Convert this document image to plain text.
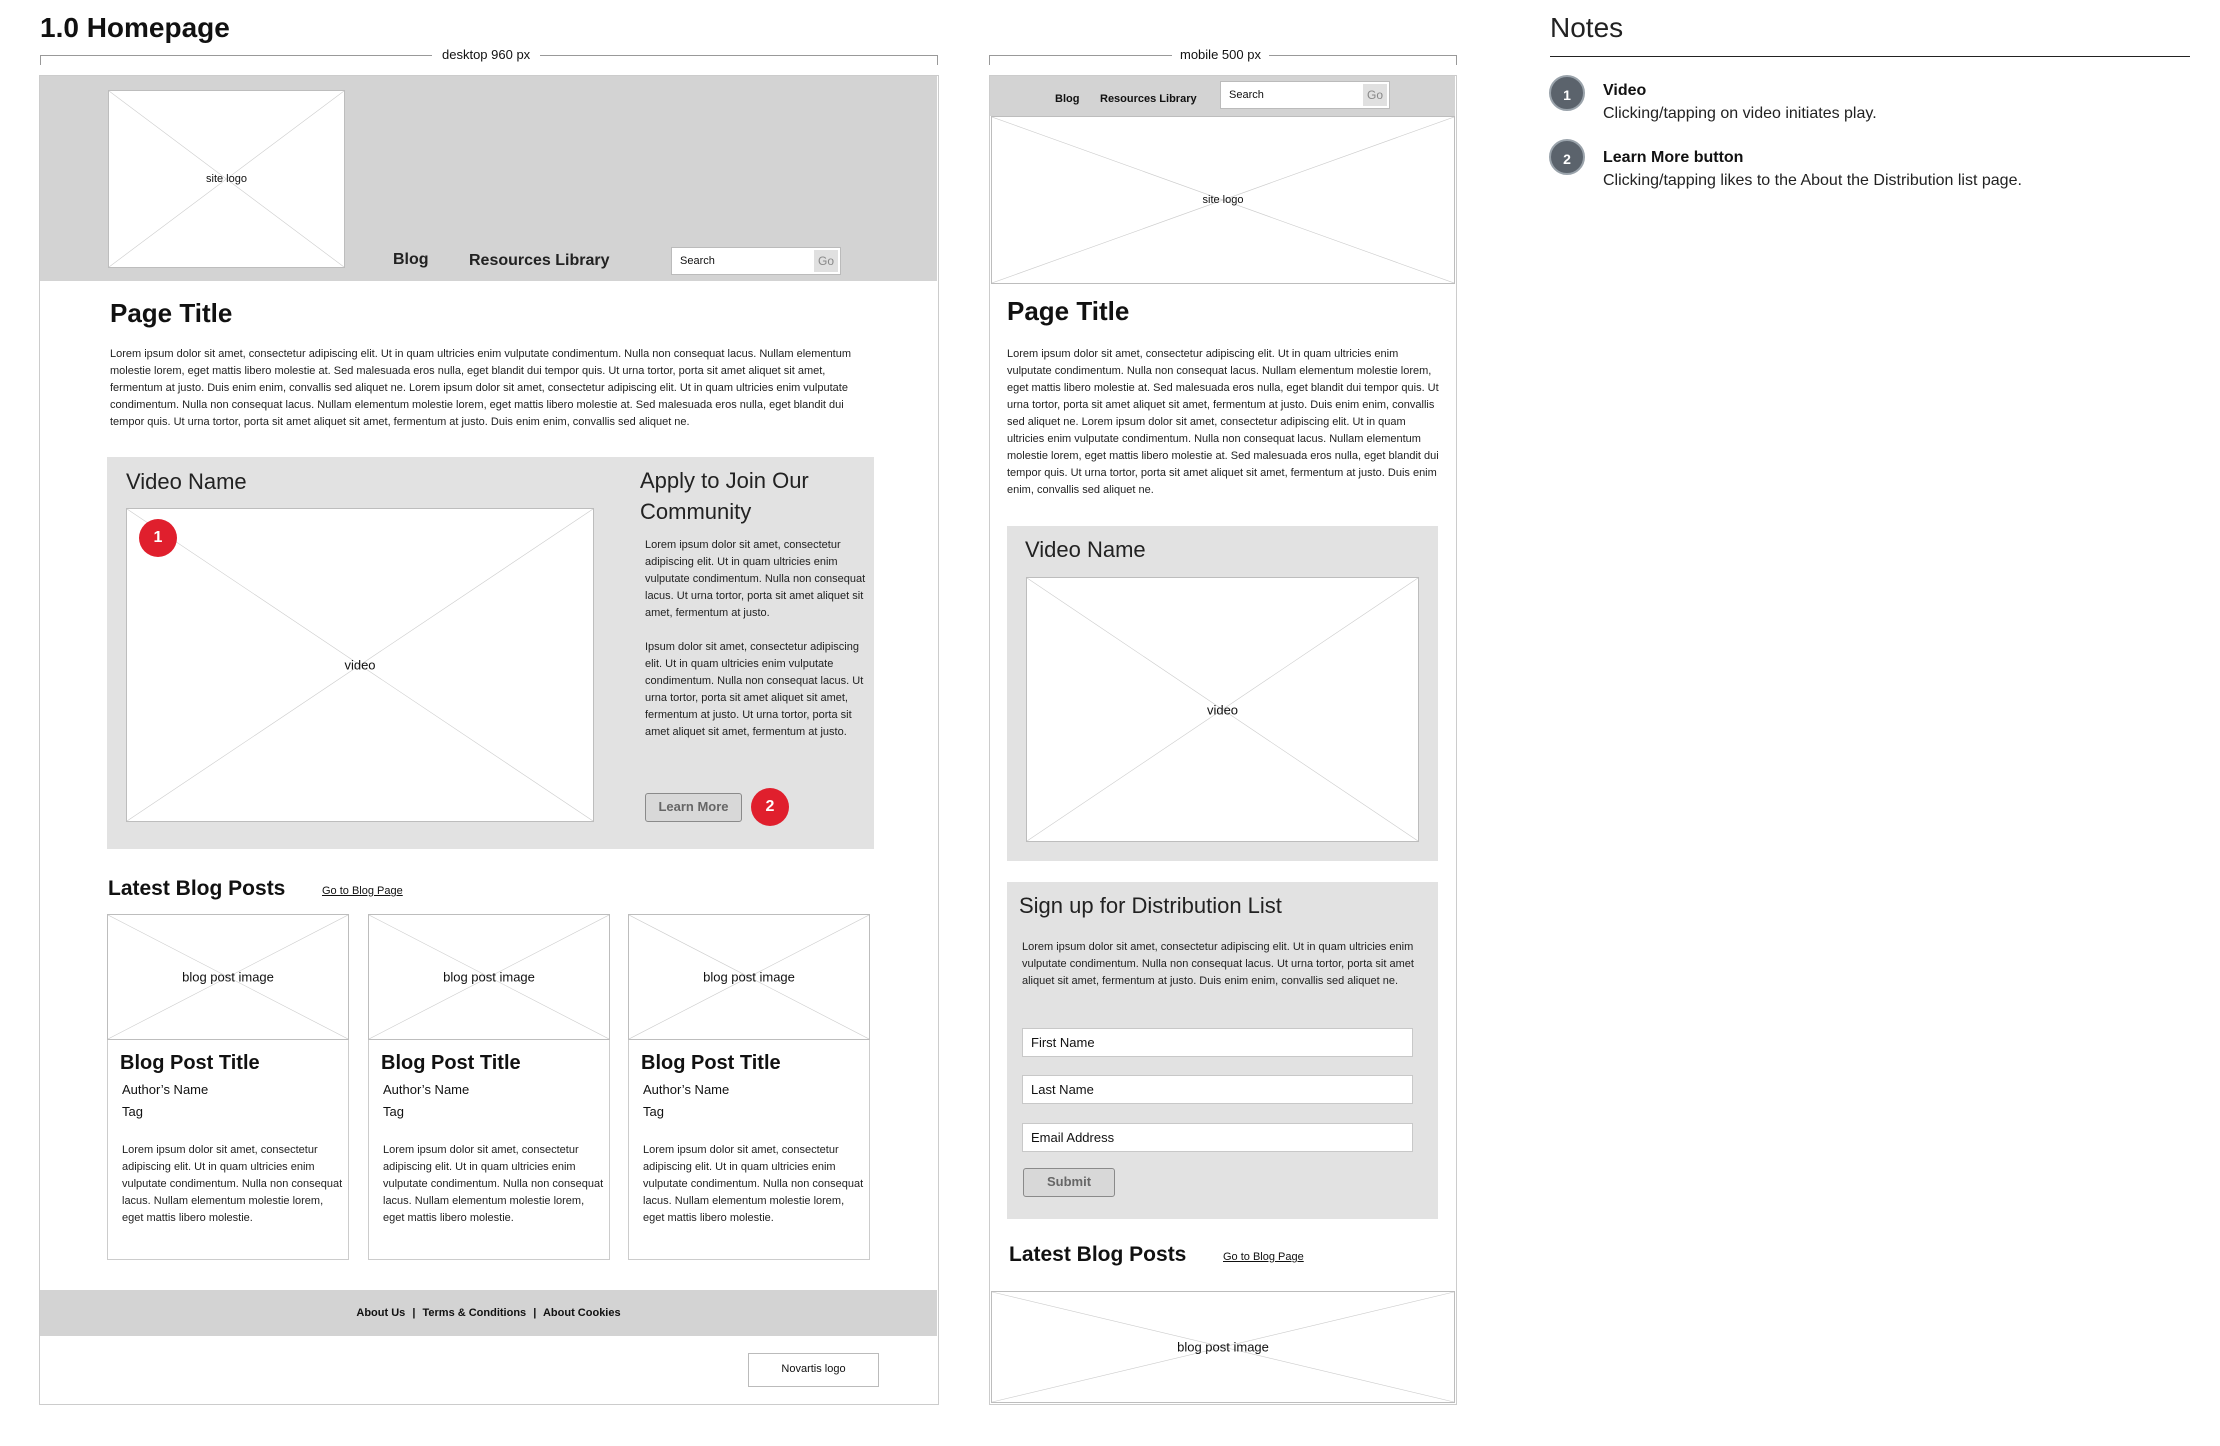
1.0 Homepage
desktop 960 px
site logo
Blog	Resources Library	Search	Go
Page Title
Lorem ipsum dolor sit amet, consectetur adipiscing elit. Ut in quam ultricies enim vulputate condimentum. Nulla non consequat lacus. Nullam elementum molestie lorem, eget mattis libero molestie at. Sed malesuada eros nulla, eget blandit dui tempor quis. Ut urna tortor, porta sit amet aliquet sit amet, fermentum at justo. Duis enim enim, convallis sed aliquet ne. Lorem ipsum dolor sit amet, consectetur adipiscing elit. Ut in quam ultricies enim vulputate condimentum. Nulla non consequat lacus. Nullam elementum molestie lorem, eget mattis libero molestie at. Sed malesuada eros nulla, eget blandit dui tempor quis. Ut urna tortor, porta sit amet aliquet sit amet, fermentum at justo. Duis enim enim, convallis sed aliquet ne.
Video Name
video
1
Apply to Join Our Community
Lorem ipsum dolor sit amet, consectetur adipiscing elit. Ut in quam ultricies enim vulputate condimentum. Nulla non consequat lacus. Ut urna tortor, porta sit amet aliquet sit amet, fermentum at justo.
Ipsum dolor sit amet, consectetur adipiscing elit. Ut in quam ultricies enim vulputate condimentum. Nulla non consequat lacus. Ut urna tortor, porta sit amet aliquet sit amet, fermentum at justo. Ut urna tortor, porta sit amet aliquet sit amet, fermentum at justo.
Learn More	2
Latest Blog Posts	Go to Blog Page
blog post image
Blog Post Title
Author’s Name
Tag
Lorem ipsum dolor sit amet, consectetur adipiscing elit. Ut in quam ultricies enim vulputate condimentum. Nulla non consequat lacus. Nullam elementum molestie lorem, eget mattis libero molestie.
blog post image
Blog Post Title
Author’s Name
Tag
Lorem ipsum dolor sit amet, consectetur adipiscing elit. Ut in quam ultricies enim vulputate condimentum. Nulla non consequat lacus. Nullam elementum molestie lorem, eget mattis libero molestie.
blog post image
Blog Post Title
Author’s Name
Tag
Lorem ipsum dolor sit amet, consectetur adipiscing elit. Ut in quam ultricies enim vulputate condimentum. Nulla non consequat lacus. Nullam elementum molestie lorem, eget mattis libero molestie.
About Us | Terms & Conditions | About Cookies
Novartis logo
mobile 500 px
Blog Resources Library	Search	Go
site logo
Page Title
Lorem ipsum dolor sit amet, consectetur adipiscing elit. Ut in quam ultricies enim vulputate condimentum. Nulla non consequat lacus. Nullam elementum molestie lorem, eget mattis libero molestie at. Sed malesuada eros nulla, eget blandit dui tempor quis. Ut urna tortor, porta sit amet aliquet sit amet, fermentum at justo. Duis enim enim, convallis sed aliquet ne. Lorem ipsum dolor sit amet, consectetur adipiscing elit. Ut in quam ultricies enim vulputate condimentum. Nulla non consequat lacus. Nullam elementum molestie lorem, eget mattis libero molestie at. Sed malesuada eros nulla, eget blandit dui tempor quis. Ut urna tortor, porta sit amet aliquet sit amet, fermentum at justo. Duis enim enim, convallis sed aliquet ne.
Video Name
video
Sign up for Distribution List
Lorem ipsum dolor sit amet, consectetur adipiscing elit. Ut in quam ultricies enim vulputate condimentum. Nulla non consequat lacus. Ut urna tortor, porta sit amet aliquet sit amet, fermentum at justo. Duis enim enim, convallis sed aliquet ne.
First Name
Last Name
Email Address
Submit
Latest Blog Posts	Go to Blog Page
blog post image
Notes
1	Video
Clicking/tapping on video initiates play.
2	Learn More button
Clicking/tapping likes to the About the Distribution list page.
